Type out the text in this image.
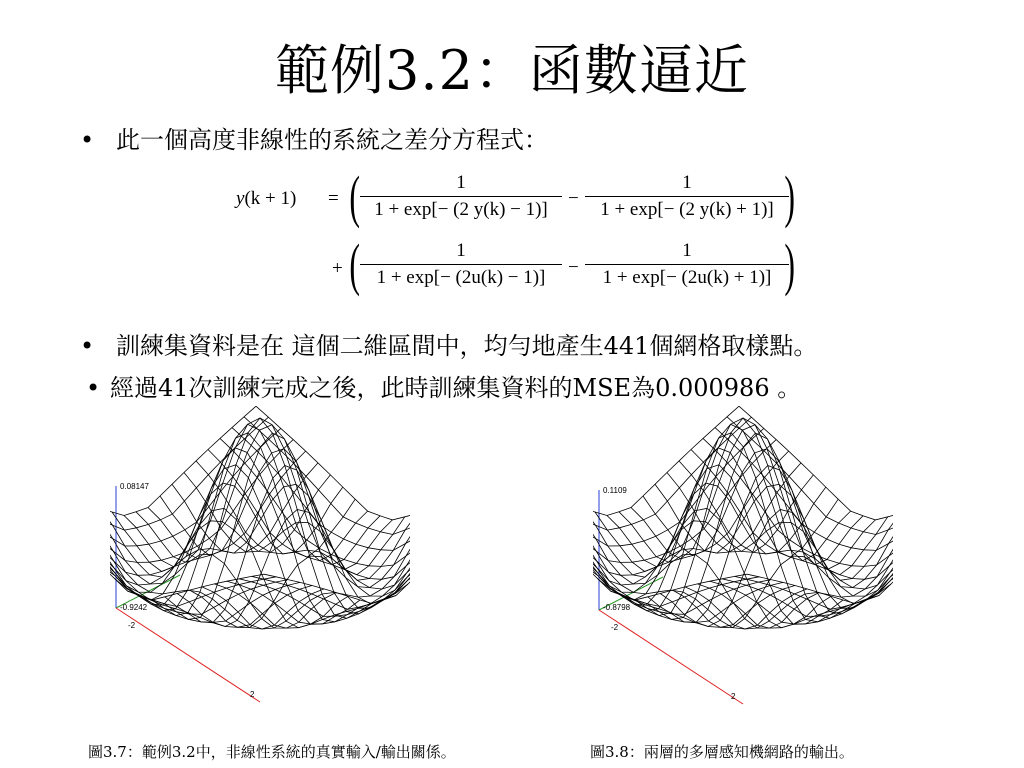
範例3.2：函數逼近
• 此一個高度非線性的系統之差分方程式：
y(k + 1) = (	1
1 + exp[− (2 y(k) − 1)]
−
1
1 + exp[− (2 y(k) + 1)] )
+ (	1
1 + exp[− (2u(k) − 1)]	−
1
1 + exp[− (2u(k) + 1)] )
• 訓練集資料是在 這個二維區間中，均勻地產生441個網格取樣點。
• 經過41次訓練完成之後，此時訓練集資料的MSE為0.000986 。
0.08147
-0.9242
-2
2
0.1109
-0.8798
-2
2
圖3.7：範例3.2中，非線性系統的真實輸入/輸出關係。	圖3.8：兩層的多層感知機網路的輸出。
